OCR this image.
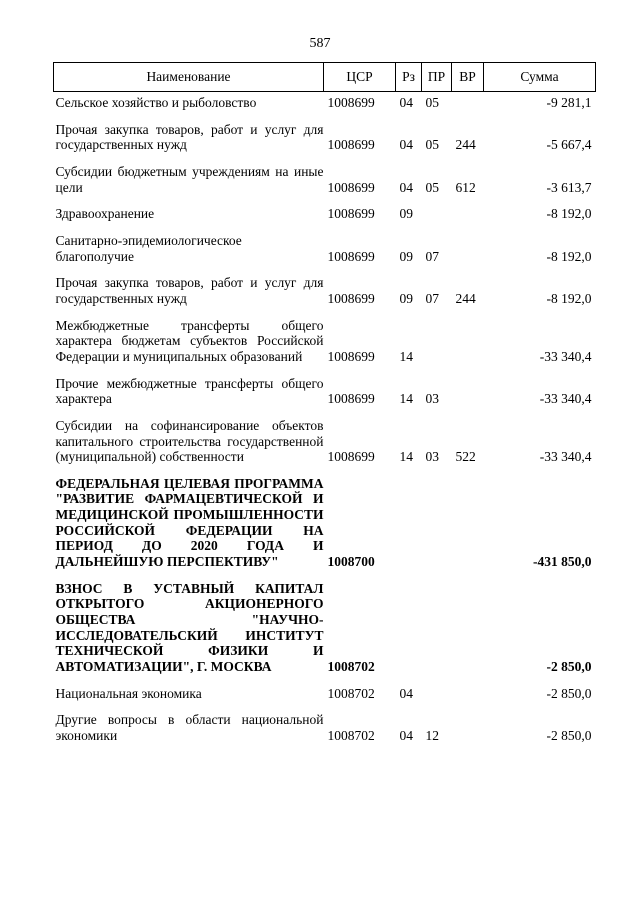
587
Наименование	ЦСР	Рз	ПР	ВР	Сумма

Сельское хозяйство и рыболовство	1008699	04	05		-9 281,1

Прочая закупка товаров, работ и услуг для государственных нужд	1008699	04	05	244	-5 667,4

Субсидии бюджетным учреждениям на иные цели	1008699	04	05	612	-3 613,7

Здравоохранение	1008699	09			-8 192,0

Санитарно-эпидемиологическое благополучие	1008699	09	07		-8 192,0

Прочая закупка товаров, работ и услуг для государственных нужд	1008699	09	07	244	-8 192,0

Межбюджетные трансферты общего характера бюджетам субъектов Российской Федерации и муниципальных образований	1008699	14			-33 340,4

Прочие межбюджетные трансферты общего характера	1008699	14	03		-33 340,4

Субсидии на софинансирование объектов капитального строительства государственной (муниципальной) собственности	1008699	14	03	522	-33 340,4

ФЕДЕРАЛЬНАЯ ЦЕЛЕВАЯ ПРОГРАММА "РАЗВИТИЕ ФАРМАЦЕВТИЧЕСКОЙ И МЕДИЦИНСКОЙ ПРОМЫШЛЕННОСТИ РОССИЙСКОЙ ФЕДЕРАЦИИ НА ПЕРИОД ДО 2020 ГОДА И ДАЛЬНЕЙШУЮ ПЕРСПЕКТИВУ"	1008700				-431 850,0

ВЗНОС В УСТАВНЫЙ КАПИТАЛ ОТКРЫТОГО АКЦИОНЕРНОГО ОБЩЕСТВА "НАУЧНО-ИССЛЕДОВАТЕЛЬСКИЙ ИНСТИТУТ ТЕХНИЧЕСКОЙ ФИЗИКИ И АВТОМАТИЗАЦИИ", Г. МОСКВА	1008702				-2 850,0

Национальная экономика	1008702	04			-2 850,0

Другие вопросы в области национальной экономики	1008702	04	12		-2 850,0
